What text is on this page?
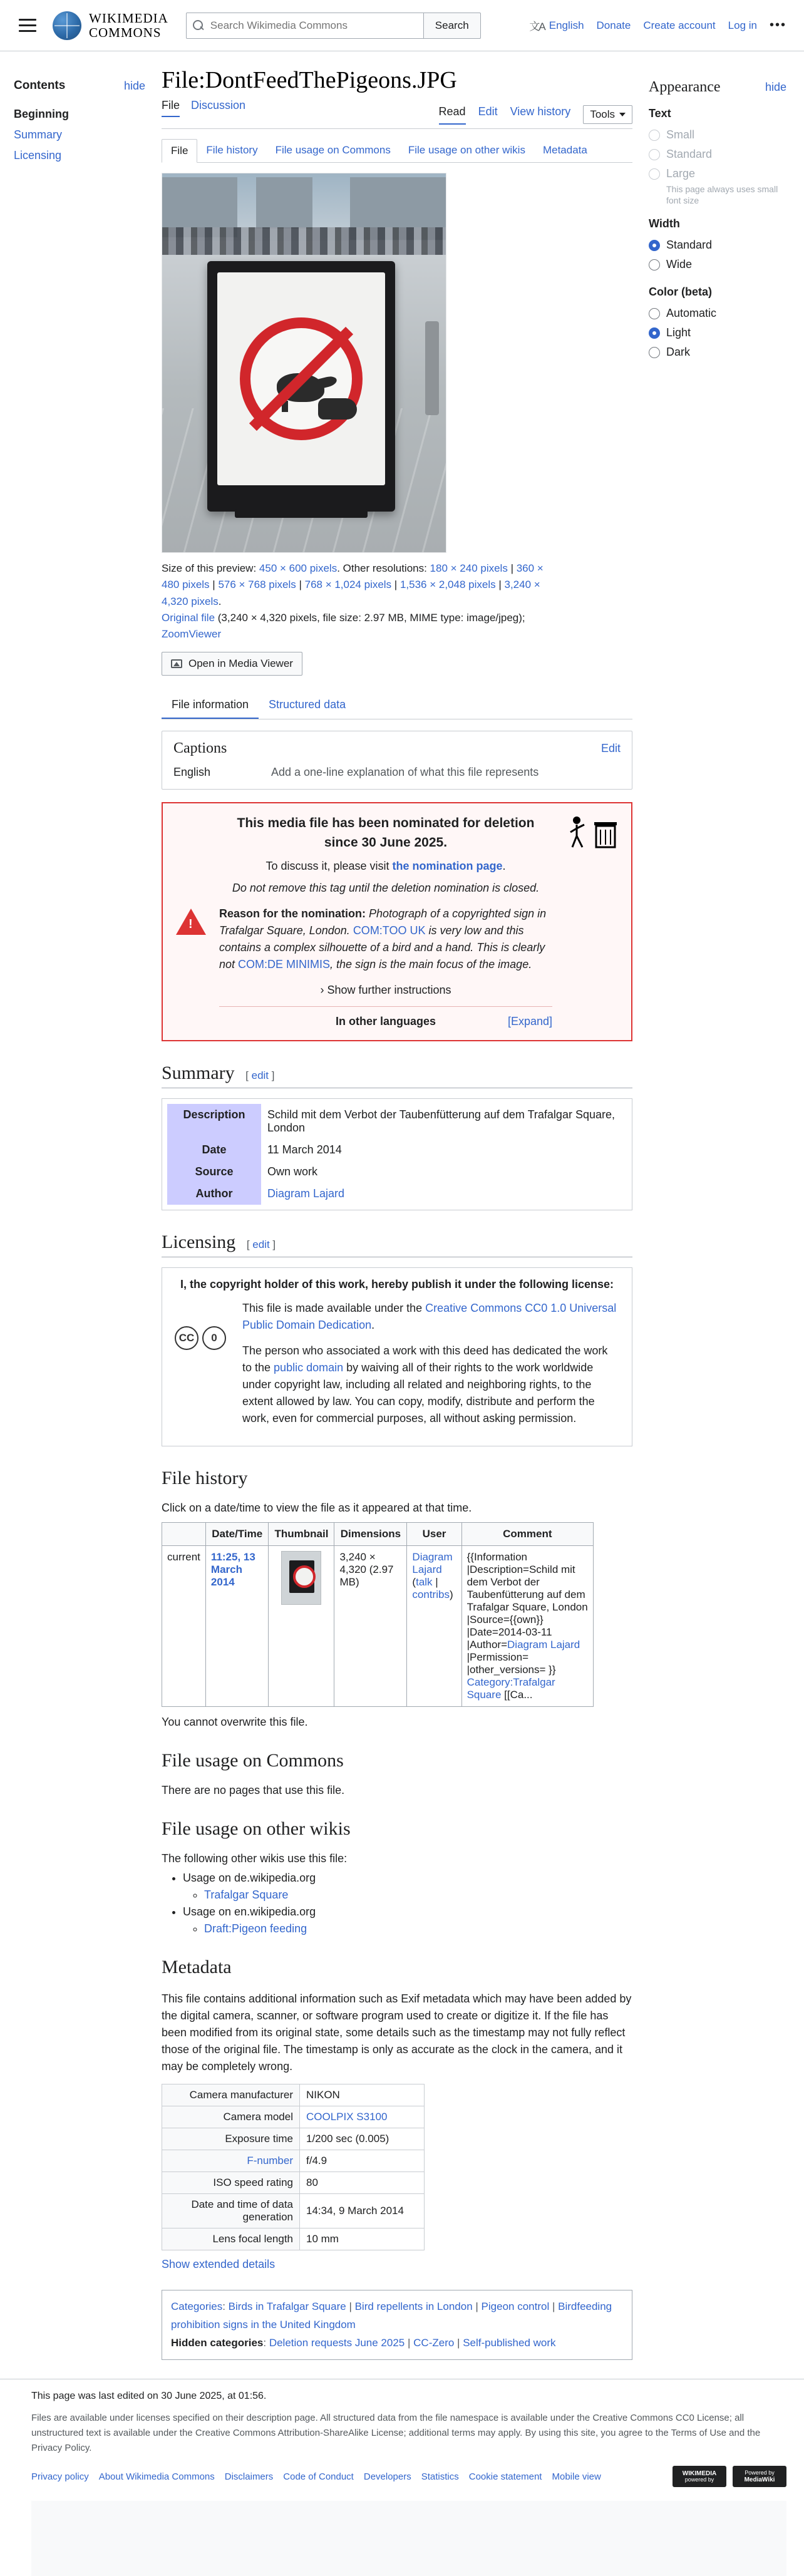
WIKIMEDIA
COMMONS
Search Wikimedia Commons	Search	文A English Donate Create account Log in •••
Contents	hide
Beginning
Summary
Licensing
File:DontFeedThePigeons.JPG
File Discussion	Read Edit View history Tools
File	File history	File usage on Commons	File usage on other wikis	Metadata
Size of this preview: 450 × 600 pixels. Other resolutions: 180 × 240 pixels | 360 × 480 pixels | 576 × 768 pixels | 768 × 1,024 pixels | 1,536 × 2,048 pixels | 3,240 × 4,320 pixels.
Original file (3,240 × 4,320 pixels, file size: 2.97 MB, MIME type: image/jpeg); ZoomViewer
Open in Media Viewer
File information	Structured data
Captions	Edit
English	Add a one-line explanation of what this file represents
!
This media file has been nominated for deletion since 30 June 2025.
To discuss it, please visit the nomination page.
Do not remove this tag until the deletion nomination is closed.
Reason for the nomination: Photograph of a copyrighted sign in Trafalgar Square, London. COM:TOO UK is very low and this contains a complex silhouette of a bird and a hand. This is clearly not COM:DE MINIMIS, the sign is the main focus of the image.
› Show further instructions
In other languages	[Expand]
Summary [ edit ]
Description	Schild mit dem Verbot der Taubenfütterung auf dem Trafalgar Square, London
Date	11 March 2014
Source	Own work
Author	Diagram Lajard
Licensing [ edit ]
I, the copyright holder of this work, hereby publish it under the following license:
CC	0

This file is made available under the Creative Commons CC0 1.0 Universal Public Domain Dedication.

The person who associated a work with this deed has dedicated the work to the public domain by waiving all of their rights to the work worldwide under copyright law, including all related and neighboring rights, to the extent allowed by law. You can copy, modify, distribute and perform the work, even for commercial purposes, all without asking permission.

File history
Click on a date/time to view the file as it appeared at that time.
	Date/Time	Thumbnail	Dimensions	User	Comment
current	11:25, 13 March 2014		3,240 × 4,320 (2.97 MB)	Diagram Lajard (talk | contribs)	{{Information |Description=Schild mit dem Verbot der Taubenfütterung auf dem Trafalgar Square, London |Source={{own}} |Date=2014-03-11 |Author=Diagram Lajard |Permission= |other_versions= }} Category:Trafalgar Square [[Ca...
You cannot overwrite this file.
File usage on Commons
There are no pages that use this file.
File usage on other wikis
The following other wikis use this file:
• Usage on de.wikipedia.org
◦ Trafalgar Square
• Usage on en.wikipedia.org
◦ Draft:Pigeon feeding
Metadata
This file contains additional information such as Exif metadata which may have been added by the digital camera, scanner, or software program used to create or digitize it. If the file has been modified from its original state, some details such as the timestamp may not fully reflect those of the original file. The timestamp is only as accurate as the clock in the camera, and it may be completely wrong.
Camera manufacturer	NIKON
Camera model	COOLPIX S3100
Exposure time	1/200 sec (0.005)
F-number	f/4.9
ISO speed rating	80
Date and time of data generation	14:34, 9 March 2014
Lens focal length	10 mm
Show extended details
Categories: Birds in Trafalgar Square | Bird repellents in London | Pigeon control | Birdfeeding prohibition signs in the United Kingdom
Hidden categories: Deletion requests June 2025 | CC-Zero | Self-published work
Appearance	hide
Text
Small
Standard
Large
This page always uses small font size
Width
Standard
Wide
Color (beta)
Automatic
Light
Dark
This page was last edited on 30 June 2025, at 01:56.
Files are available under licenses specified on their description page. All structured data from the file namespace is available under the Creative Commons CC0 License; all unstructured text is available under the Creative Commons Attribution-ShareAlike License; additional terms may apply. By using this site, you agree to the Terms of Use and the Privacy Policy.
Privacy policy About Wikimedia Commons Disclaimers Code of Conduct Developers Statistics Cookie statement Mobile view	WIKIMEDIA
powered by
Powered by
MediaWiki
